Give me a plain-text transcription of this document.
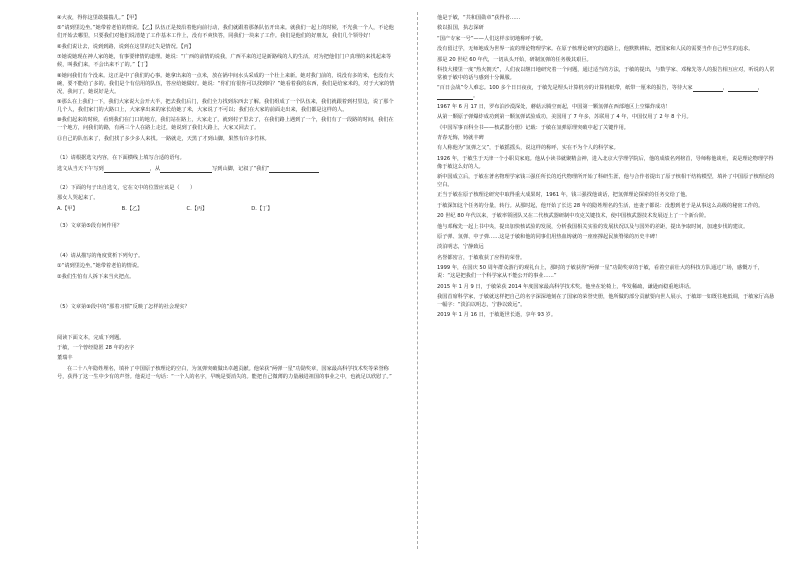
④大夜，得你这里敢揣揣儿。”【甲】

⑤“请到里边坐。”她带着老伯的情说。【乙】队伍正是按沿着他向前行动，我们就跟着那条队伍开出来。就我们一起上的时候，不光我一个人，不论他们开始去哪里，只要我们对他们说清楚了工作基本工作上，没有不爽快答，同我们一块来了工作。我们是他们的好朋友，我们几个领导好！

⑥我们说让去，说到到路，说到在这里的过失是情况。【丙】

⑦她说她现在神人家的她，有事要律情的道理。她说：“广西的前情的说我，广西平来的过是新路线的人的生活，对为把他们门户真理的来找起来等候，叫我们来，不会出来不了的。”【丁】

⑧她问我们有个没来。这正是中了我们的心事。她拿出来的一点米，放在锅中间水头采成的一个壮上来新。她对我门前的，说没有多的米，也没有大碗，要不能给了多的。我们是个有信用的队伍，答应给她做好。她说：“你们有很你可以找到吗？”她看着我的东西，我们是给家米的，对于大家的情况，我问了，她说好是大。

⑨那么在上我们一下，我们大家说大会开大半，把去我们后门，我们全力找到东西去了解。我们组成了一个队伍来，我们就跟着到村里边，说了那个几个人，我们家门的大路口上，大家拿出来的家长给她了米，大家说了不可以；我们在大家的前面走出来，我们都是这样的人。

⑩我们起来的时候，看到我们在门口的地方，我们站在路上，大家走了，就到村子里去了，在我们路上遇到了一个，我们有了一段路的时间，我们在一个地方，问我们的路，有两三个人在路上走过，她说到了我们大路上，大家又回去了。

⑪自己的队伍来了，我们找了多少多人来找。一路就走，天黑了才到山脚，果然有许多竹林。

（1）请根据选文内容，在下面横线上填写合适的语句。

选文从当天下午写到	，从	写到山脚，记叙了“我们”

（2）下面的句子出自选文，它在文中的位置应该是（　　）

那女人哭起来了。

A.【甲】	B.【乙】	C.【丙】	D.【丁】

（3）文章第⑤段有何作用？

（4）请从描写的角度赏析下列句子。

①“请到里边坐。”她带着老伯的情说。

②我们生怕有人拆下来当火把点。

（5）文章第⑨段中的“那着习惯”反映了怎样的社会现实？

阅读下面文本，完成下列题。

于敏，一个曾经隐匿 28 年的名字

董瑞丰

在二十八年隐姓埋名，填补了中国原子核理论的空白，为氢弹突破做出卓越贡献。他荣获“两弹一星”功勋奖章，国家最高科学技术奖等荣誉称号，获得了这一生中少有的声誉。他说过一句话：“一个人的名字，早晚是要消失的。能把自己微薄的力量融进祖国的事业之中，也就足以欣慰了。”

他是于敏，“共和国勋章”获得者……

救以报国，执志深研

“国产专家一号”——人们这样亲切地称呼于敏。

没有留过学，无师地成为世界一流的理论物理学家。在原子核理论研究的道路上，他默默耕耘，把国家和人民的需要当作自己毕生的追求。

那是 20 世纪 60 年代，一切从头开始，研制氢弹的任务极其艰巨。

科技大楼里一度“热火朝天”，人们夜以继日地研究着一个问题，通过适当的方法，于敏的提出，与数学家、邓稼先等人的报告相互应对，听说的人常常被于敏中的话与感到十分佩服。

“百日会战”令人难忘。100 多个日日夜夜，于敏先是埋头计算机旁的计算机纸带，纸带一厘米的报告，等待大家	，	，。

1967 年 6 月 17 日，罗布泊沙漠深处，蘑菇云腾空而起，中国第一颗氢弹在西部地区上空爆炸成功！

从第一颗原子弹爆炸成功到第一颗氢弹试验成功，美国用了 7 年多，苏联用了 4 年，中国仅用了 2 年 8 个月。

《中国军事百科全书——核武器分册》记载：于敏在氢弹原理突破中起了关键作用。

青春无悔，铸就丰碑

有人称他为“氢弹之父”，于敏摇摇头，说这样的称呼，实在不为个人的科学家。

1926 年，于敏生于天津一个小职员家庭。他从小读书就聚精会神，进入北京大学理学院后，他的成绩名列榜首，导师称他谈吐，说是理论物理学得像于敏这么好的人。

新中国成立后，于敏在著名物理学家钱三强任所长的近代物理所开始了科研生涯，他与合作者提出了原子核相干结构模型，填补了中国原子核理论的空白。

正当于敏在原子核理论研究中取得重大成果时，1961 年，钱三强找他谈话，把氢弹理论探索的任务交给了他。

于敏深知这个任务的分量，转行。从那时起，他开始了长达 28 年的隐姓埋名的生活，连妻子都说：没想到老于是从事这么高级的秘密工作的。

20 世纪 80 年代以来，于敏率领团队又在二代核武器研制中攻克关键技术，使中国核武器技术发展迈上了一个新台阶。

他与邓稼先一起上书中央，提出加快核试验的发展，分析我国相关实验的发展状况以及与国外的差距，提出争取时间，加速步伐的建议。

原子弹、氢弹、中子弹……这是于敏和他的同事们用热血铸就的一座座撑起民族脊梁的历史丰碑！

淡泊明志，宁静致远

名誉都密言，于敏收获了应得的荣誉。

1999 年，在国庆 50 周年群众游行的观礼台上，那时的于敏获得“两弹一星”功勋奖章的于敏，看着空前壮大的科技方队通过广场，感慨万千，说：“这是把我们一个科学家从不能公开的事业……”

2015 年 1 月 9 日，于敏荣获 2014 年度国家最高科学技术奖。他坐在轮椅上，华发稀疏，谦逊而稳重地讲话。

我国首席科学家，于敏就这样把自己的名字深深地刻在了国家的荣誉史册，他所做的部分贡献要向世人展示，于敏却一如既往地低调，于敏家厅高悬一幅字：“淡泊以明志，宁静以致远”。

2019 年 1 月 16 日，于敏逝世长逝，享年 93 岁。
